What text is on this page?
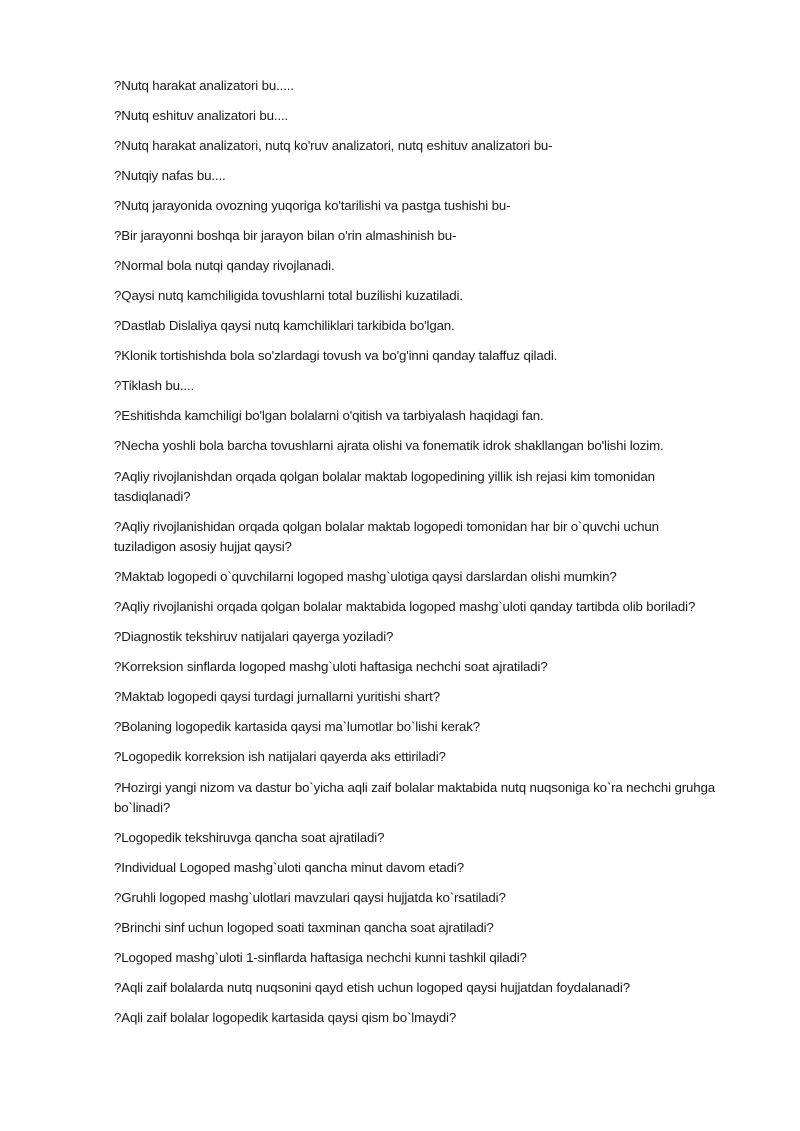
?Nutq harakat analizatori bu.....
?Nutq eshituv analizatori bu....
?Nutq harakat analizatori, nutq ko'ruv analizatori, nutq eshituv analizatori bu-
?Nutqiy nafas bu....
?Nutq jarayonida ovozning yuqoriga ko'tarilishi va pastga tushishi bu-
?Bir jarayonni boshqa bir jarayon bilan o'rin almashinish bu-
?Normal bola nutqi qanday rivojlanadi.
?Qaysi nutq kamchiligida tovushlarni total buzilishi kuzatiladi.
?Dastlab Dislaliya qaysi nutq kamchiliklari tarkibida bo'lgan.
?Klonik tortishishda bola so'zlardagi tovush va bo'g'inni qanday talaffuz qiladi.
?Tiklash bu....
?Eshitishda kamchiligi bo'lgan bolalarni o'qitish va tarbiyalash haqidagi fan.
?Necha yoshli bola barcha tovushlarni ajrata olishi va fonematik idrok shakllangan bo'lishi lozim.
?Aqliy rivojlanishdan orqada qolgan bolalar maktab logopedining yillik ish rejasi kim tomonidan tasdiqlanadi?
?Aqliy rivojlanishidan orqada qolgan bolalar maktab logopedi tomonidan har bir o`quvchi uchun tuziladigon asosiy hujjat qaysi?
?Maktab logopedi o`quvchilarni logoped mashg`ulotiga qaysi darslardan olishi mumkin?
?Aqliy rivojlanishi orqada qolgan bolalar maktabida logoped mashg`uloti qanday tartibda olib boriladi?
?Diagnostik tekshiruv natijalari qayerga yoziladi?
?Korreksion sinflarda logoped mashg`uloti haftasiga nechchi soat ajratiladi?
?Maktab logopedi qaysi turdagi jurnallarni yuritishi shart?
?Bolaning logopedik kartasida qaysi ma`lumotlar bo`lishi kerak?
?Logopedik korreksion ish natijalari qayerda aks ettiriladi?
?Hozirgi yangi nizom va dastur bo`yicha aqli zaif bolalar maktabida nutq nuqsoniga ko`ra nechchi gruhga bo`linadi?
?Logopedik tekshiruvga qancha soat ajratiladi?
?Individual Logoped mashg`uloti qancha minut davom etadi?
?Gruhli logoped mashg`ulotlari mavzulari qaysi hujjatda ko`rsatiladi?
?Brinchi sinf uchun logoped soati taxminan qancha soat ajratiladi?
?Logoped mashg`uloti 1-sinflarda haftasiga nechchi kunni tashkil qiladi?
?Aqli zaif bolalarda nutq nuqsonini qayd etish uchun logoped qaysi hujjatdan foydalanadi?
?Aqli zaif bolalar logopedik kartasida qaysi qism bo`lmaydi?
